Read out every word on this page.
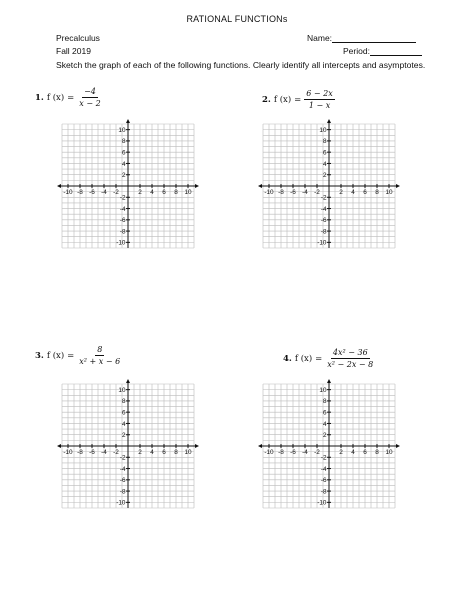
RATIONAL FUNCTIONs
Precalculus
Fall 2019
Name:
Period:
Sketch the graph of each of the following functions. Clearly identify all intercepts and asymptotes.
1. f $(x) = \frac{-4}{x - 2}$
-10 -8 -6 -4 -2	2 4 6 8 10
10
8
6
4
2
-2
-4
-6
-8
-10
2. f $(x) = \frac{6 - 2x}{1 - x}$
-10 -8 -6 -4 -2	2 4 6 8 10
10
8
6
4
2
-2
-4
-6
-8
-10
3. f $(x) = \frac{8}{\text{x² + x − 6}}$
-10 -8 -6 -4 -2	2 4 6 8 10
10
8
6
4
2
-2
-4
-6
-8
-10
4. f $(x) = \frac{\text{4x² − 36}}{\text{x² − 2x − 8}}$
-10 -8 -6 -4 -2	2 4 6 8 10
10
8
6
4
2
-2
-4
-6
-8
-10
